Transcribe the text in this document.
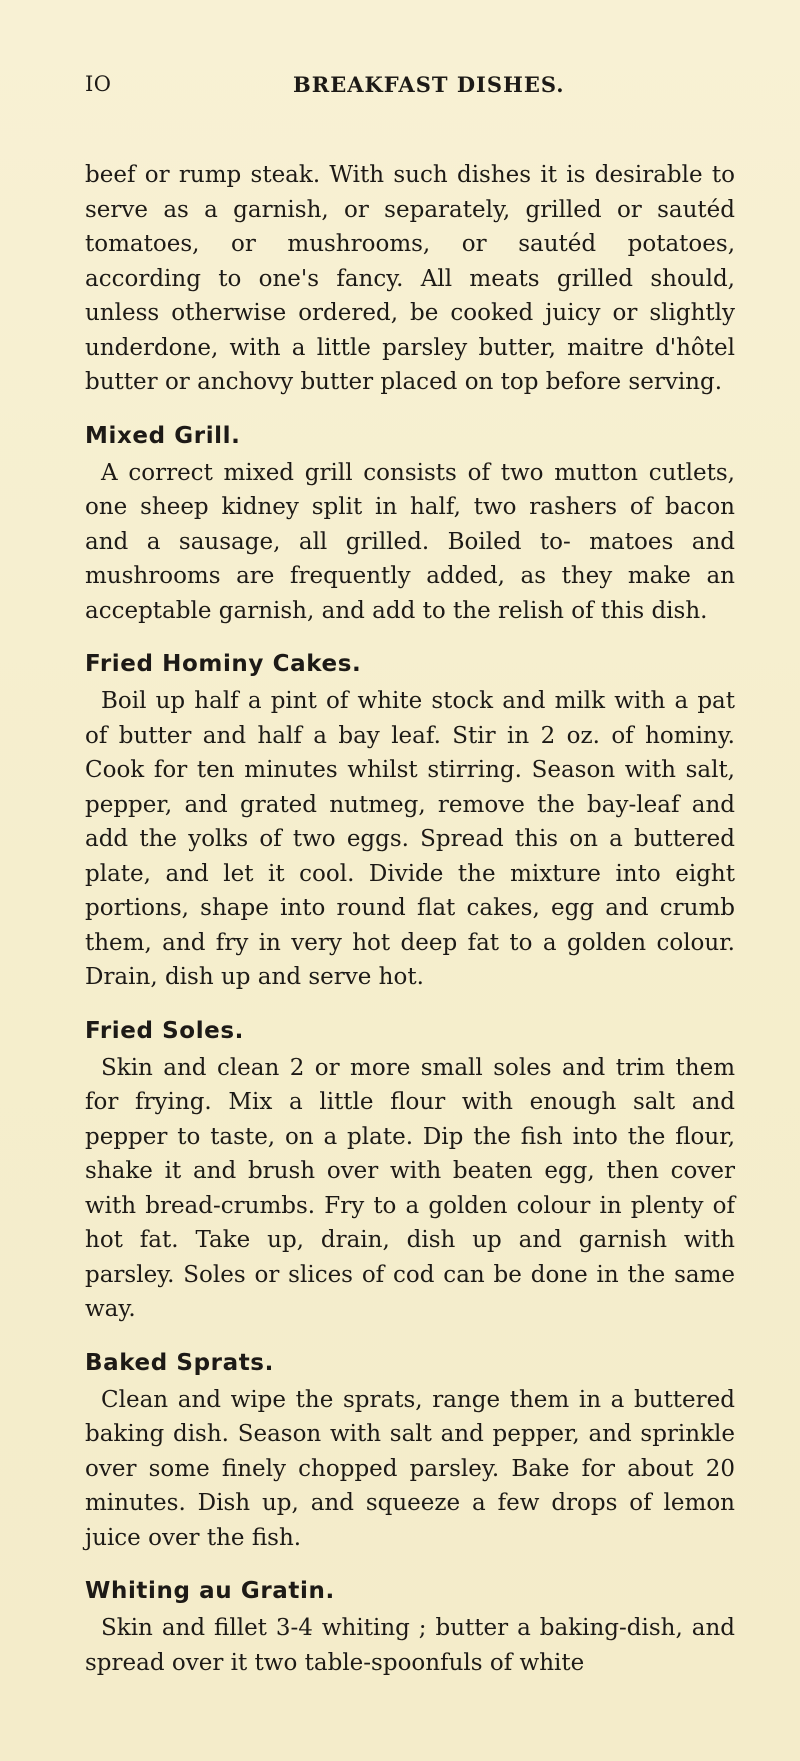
IO	BREAKFAST DISHES.

beef or rump steak. With such dishes it is desirable to serve as a garnish, or separately, grilled or sautéd tomatoes, or mushrooms, or sautéd potatoes, according to one's fancy. All meats grilled should, unless otherwise ordered, be cooked juicy or slightly underdone, with a little parsley butter, maitre d'hôtel butter or anchovy butter placed on top before serving.

Mixed Grill.

A correct mixed grill consists of two mutton cutlets, one sheep kidney split in half, two rashers of bacon and a sausage, all grilled. Boiled to- matoes and mushrooms are frequently added, as they make an acceptable garnish, and add to the relish of this dish.

Fried Hominy Cakes.

Boil up half a pint of white stock and milk with a pat of butter and half a bay leaf. Stir in 2 oz. of hominy. Cook for ten minutes whilst stirring. Season with salt, pepper, and grated nutmeg, remove the bay-leaf and add the yolks of two eggs. Spread this on a buttered plate, and let it cool. Divide the mixture into eight portions, shape into round flat cakes, egg and crumb them, and fry in very hot deep fat to a golden colour. Drain, dish up and serve hot.

Fried Soles.

Skin and clean 2 or more small soles and trim them for frying. Mix a little flour with enough salt and pepper to taste, on a plate. Dip the fish into the flour, shake it and brush over with beaten egg, then cover with bread-crumbs. Fry to a golden colour in plenty of hot fat. Take up, drain, dish up and garnish with parsley. Soles or slices of cod can be done in the same way.

Baked Sprats.

Clean and wipe the sprats, range them in a buttered baking dish. Season with salt and pepper, and sprinkle over some finely chopped parsley. Bake for about 20 minutes. Dish up, and squeeze a few drops of lemon juice over the fish.

Whiting au Gratin.

Skin and fillet 3-4 whiting ; butter a baking-dish, and spread over it two table-spoonfuls of white
